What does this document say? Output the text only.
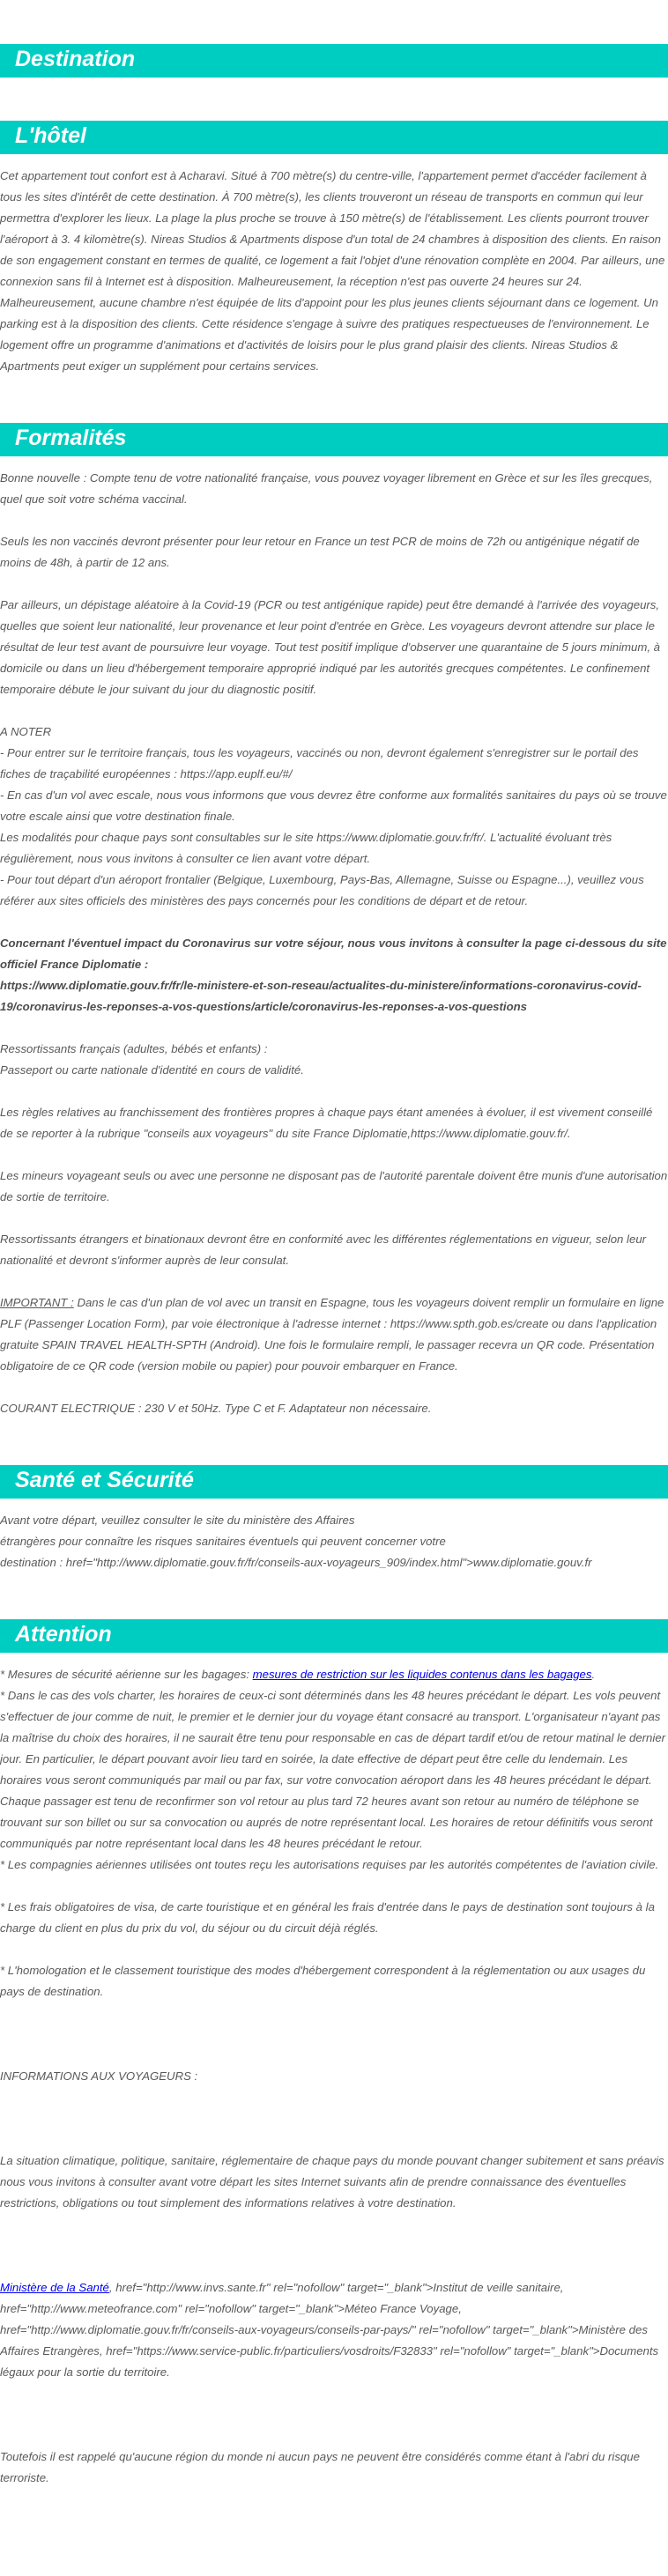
Destination
L'hôtel

Cet appartement tout confort est à Acharavi. Situé à 700 mètre(s) du centre-ville, l'appartement permet d'accéder facilement à tous les sites d'intérêt de cette destination. À 700 mètre(s), les clients trouveront un réseau de transports en commun qui leur permettra d'explorer les lieux. La plage la plus proche se trouve à 150 mètre(s) de l'établissement. Les clients pourront trouver l'aéroport à 3. 4 kilomètre(s). Nireas Studios & Apartments dispose d'un total de 24 chambres à disposition des clients. En raison de son engagement constant en termes de qualité, ce logement a fait l'objet d'une rénovation complète en 2004. Par ailleurs, une connexion sans fil à Internet est à disposition. Malheureusement, la réception n'est pas ouverte 24 heures sur 24. Malheureusement, aucune chambre n'est équipée de lits d'appoint pour les plus jeunes clients séjournant dans ce logement. Un parking est à la disposition des clients. Cette résidence s'engage à suivre des pratiques respectueuses de l'environnement. Le logement offre un programme d'animations et d'activités de loisirs pour le plus grand plaisir des clients. Nireas Studios & Apartments peut exiger un supplément pour certains services.

Formalités

Bonne nouvelle : Compte tenu de votre nationalité française, vous pouvez voyager librement en Grèce et sur les îles grecques, quel que soit votre schéma vaccinal.

Seuls les non vaccinés devront présenter pour leur retour en France un test PCR de moins de 72h ou antigénique négatif de moins de 48h, à partir de 12 ans.

Par ailleurs, un dépistage aléatoire à la Covid-19 (PCR ou test antigénique rapide) peut être demandé à l'arrivée des voyageurs, quelles que soient leur nationalité, leur provenance et leur point d'entrée en Grèce. Les voyageurs devront attendre sur place le résultat de leur test avant de poursuivre leur voyage. Tout test positif implique d'observer une quarantaine de 5 jours minimum, à domicile ou dans un lieu d'hébergement temporaire approprié indiqué par les autorités grecques compétentes. Le confinement temporaire débute le jour suivant du jour du diagnostic positif.

A NOTER
- Pour entrer sur le territoire français, tous les voyageurs, vaccinés ou non, devront également s'enregistrer sur le portail des fiches de traçabilité européennes : https://app.euplf.eu/#/
- En cas d'un vol avec escale, nous vous informons que vous devrez être conforme aux formalités sanitaires du pays où se trouve votre escale ainsi que votre destination finale.
Les modalités pour chaque pays sont consultables sur le site https://www.diplomatie.gouv.fr/fr/. L'actualité évoluant très régulièrement, nous vous invitons à consulter ce lien avant votre départ.
- Pour tout départ d'un aéroport frontalier (Belgique, Luxembourg, Pays-Bas, Allemagne, Suisse ou Espagne...), veuillez vous référer aux sites officiels des ministères des pays concernés pour les conditions de départ et de retour.

Concernant l'éventuel impact du Coronavirus sur votre séjour, nous vous invitons à consulter la page ci-dessous du site officiel France Diplomatie :
https://www.diplomatie.gouv.fr/fr/le-ministere-et-son-reseau/actualites-du-ministere/informations-coronavirus-covid-19/coronavirus-les-reponses-a-vos-questions/article/coronavirus-les-reponses-a-vos-questions

Ressortissants français (adultes, bébés et enfants) :
Passeport ou carte nationale d'identité en cours de validité.

Les règles relatives au franchissement des frontières propres à chaque pays étant amenées à évoluer, il est vivement conseillé de se reporter à la rubrique "conseils aux voyageurs" du site France Diplomatie,https://www.diplomatie.gouv.fr/.

Les mineurs voyageant seuls ou avec une personne ne disposant pas de l'autorité parentale doivent être munis d'une autorisation de sortie de territoire.

Ressortissants étrangers et binationaux devront être en conformité avec les différentes réglementations en vigueur, selon leur nationalité et devront s'informer auprès de leur consulat.

IMPORTANT : Dans le cas d'un plan de vol avec un transit en Espagne, tous les voyageurs doivent remplir un formulaire en ligne PLF (Passenger Location Form), par voie électronique à l'adresse internet : https://www.spth.gob.es/create ou dans l'application gratuite SPAIN TRAVEL HEALTH-SPTH (Android). Une fois le formulaire rempli, le passager recevra un QR code. Présentation obligatoire de ce QR code (version mobile ou papier) pour pouvoir embarquer en France.

COURANT ELECTRIQUE : 230 V et 50Hz. Type C et F. Adaptateur non nécessaire.

Santé et Sécurité

Avant votre départ, veuillez consulter le site du ministère des Affaires
étrangères pour connaître les risques sanitaires éventuels qui peuvent concerner votre
destination : href="http://www.diplomatie.gouv.fr/fr/conseils-aux-voyageurs_909/index.html">www.diplomatie.gouv.fr

Attention

* Mesures de sécurité aérienne sur les bagages: mesures de restriction sur les liquides contenus dans les bagages.

* Dans le cas des vols charter, les horaires de ceux-ci sont déterminés dans les 48 heures précédant le départ. Les vols peuvent s'effectuer de jour comme de nuit, le premier et le dernier jour du voyage étant consacré au transport. L'organisateur n'ayant pas la maîtrise du choix des horaires, il ne saurait être tenu pour responsable en cas de départ tardif et/ou de retour matinal le dernier jour. En particulier, le départ pouvant avoir lieu tard en soirée, la date effective de départ peut être celle du lendemain. Les horaires vous seront communiqués par mail ou par fax, sur votre convocation aéroport dans les 48 heures précédant le départ. Chaque passager est tenu de reconfirmer son vol retour au plus tard 72 heures avant son retour au numéro de téléphone se trouvant sur son billet ou sur sa convocation ou auprés de notre représentant local. Les horaires de retour définitifs vous seront communiqués par notre représentant local dans les 48 heures précédant le retour.

* Les compagnies aériennes utilisées ont toutes reçu les autorisations requises par les autorités compétentes de l'aviation civile.

* Les frais obligatoires de visa, de carte touristique et en général les frais d'entrée dans le pays de destination sont toujours à la charge du client en plus du prix du vol, du séjour ou du circuit déjà réglés.

* L'homologation et le classement touristique des modes d'hébergement correspondent à la réglementation ou aux usages du pays de destination.

INFORMATIONS AUX VOYAGEURS :

La situation climatique, politique, sanitaire, réglementaire de chaque pays du monde pouvant changer subitement et sans préavis
nous vous invitons à consulter avant votre départ les sites Internet suivants afin de prendre connaissance des éventuelles restrictions, obligations ou tout simplement des informations relatives à votre destination.

Ministère de la Santé, href="http://www.invs.sante.fr" rel="nofollow" target="_blank">Institut de veille sanitaire, href="http://www.meteofrance.com" rel="nofollow" target="_blank">Méteo France Voyage, href="http://www.diplomatie.gouv.fr/fr/conseils-aux-voyageurs/conseils-par-pays/" rel="nofollow" target="_blank">Ministère des Affaires Etrangères, href="https://www.service-public.fr/particuliers/vosdroits/F32833" rel="nofollow" target="_blank">Documents légaux pour la sortie du territoire.

Toutefois il est rappelé qu'aucune région du monde ni aucun pays ne peuvent être considérés comme étant à l'abri du risque terroriste.
